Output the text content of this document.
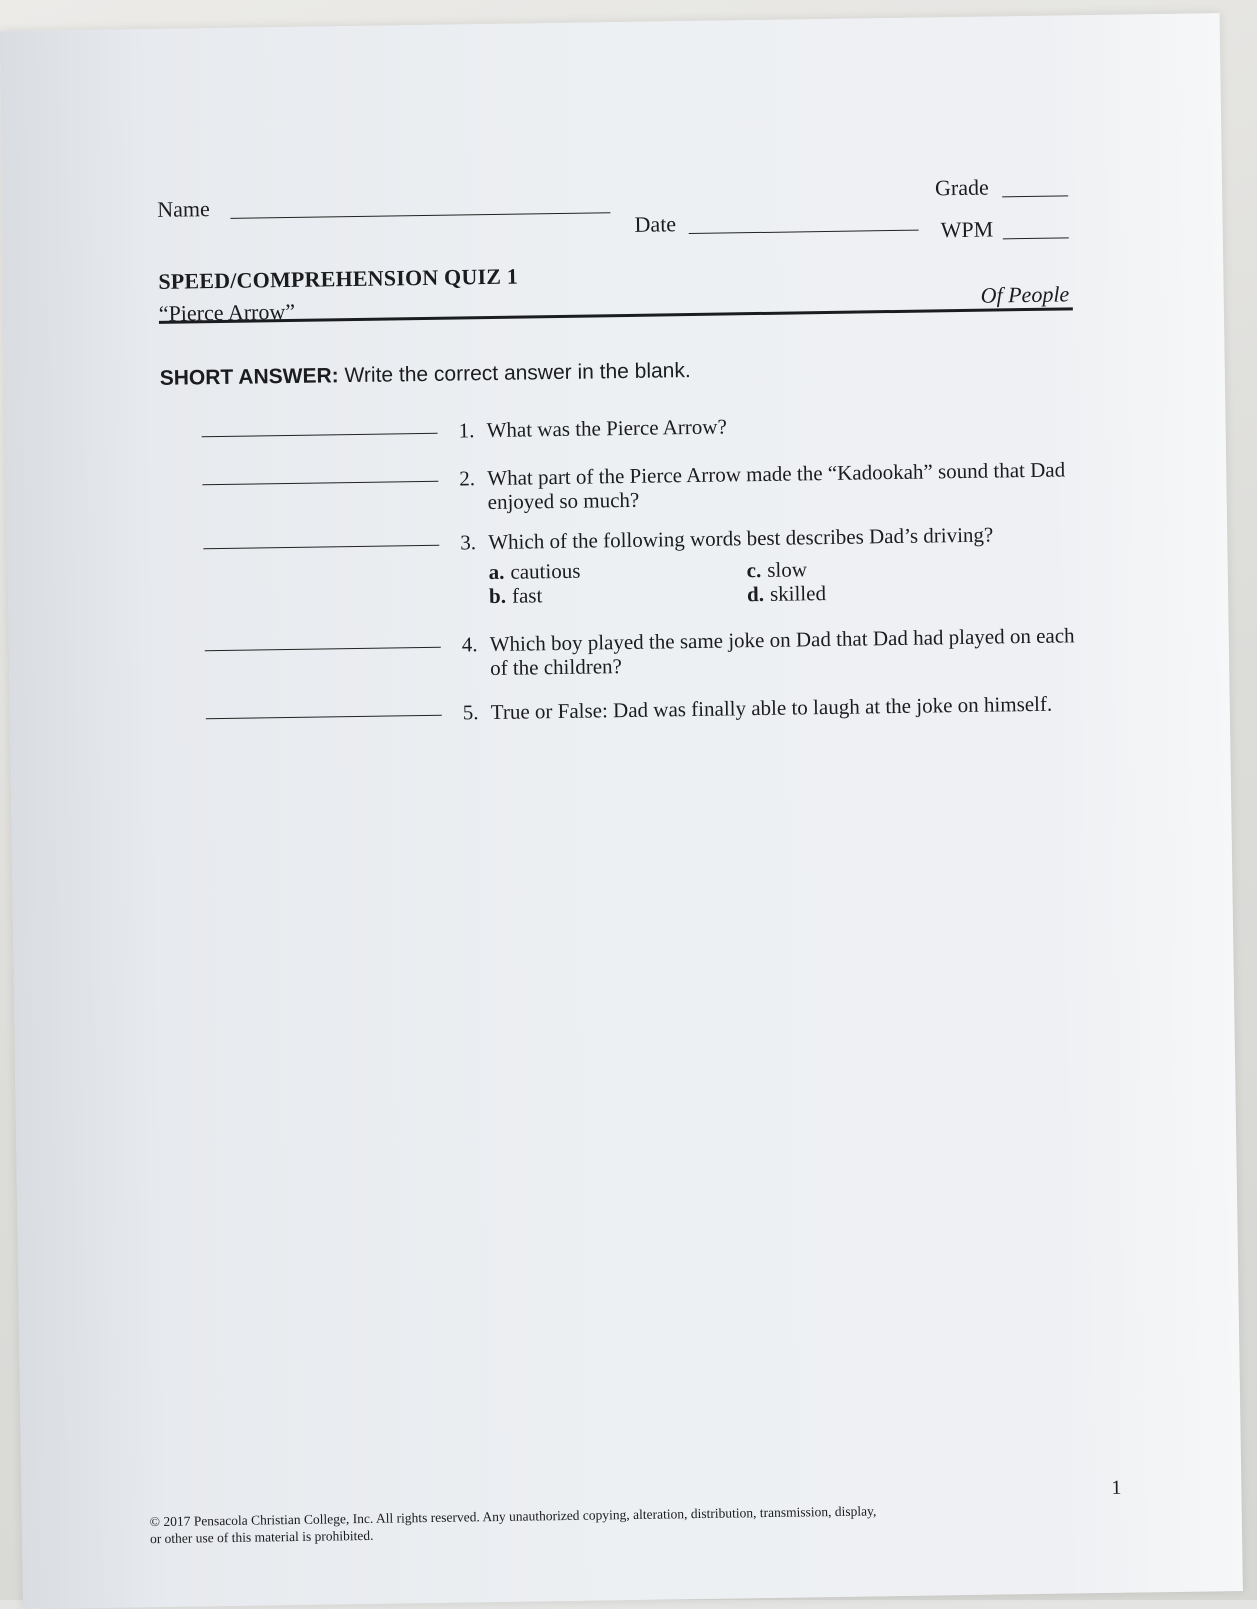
Name
Date
Grade
WPM
SPEED/COMPREHENSION QUIZ 1
“Pierce Arrow”
Of People
SHORT ANSWER: Write the correct answer in the blank.
1. What was the Pierce Arrow?
2. What part of the Pierce Arrow made the “Kadookah” sound that Dad enjoyed so much?
3. Which of the following words best describes Dad’s driving?
a. cautious
b. fast
c. slow
d. skilled
4. Which boy played the same joke on Dad that Dad had played on each of the children?
5. True or False: Dad was finally able to laugh at the joke on himself.
© 2017 Pensacola Christian College, Inc. All rights reserved. Any unauthorized copying, alteration, distribution, transmission, display,
or other use of this material is prohibited.
1
